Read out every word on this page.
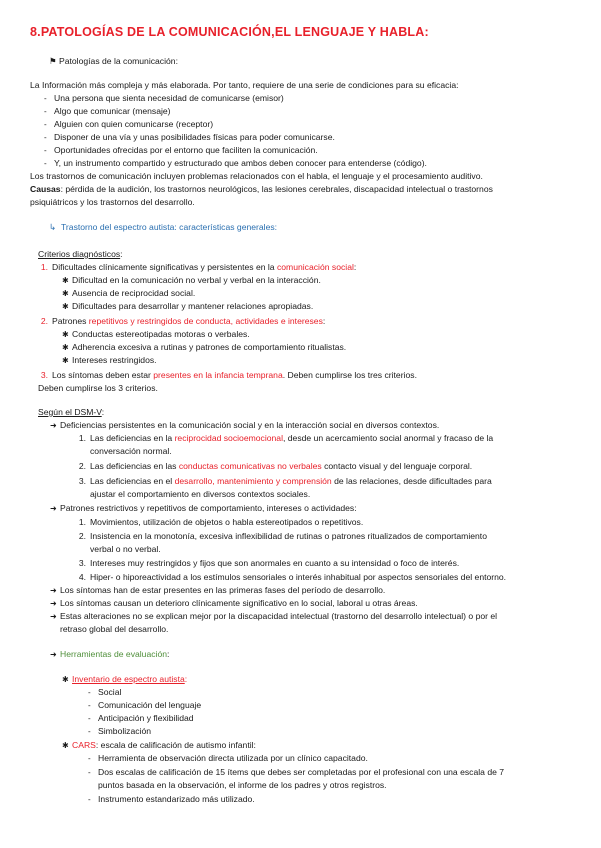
8.PATOLOGÍAS DE LA COMUNICACIÓN,EL LENGUAJE Y HABLA:
⚑ Patologías de la comunicación:
La Información más compleja y más elaborada. Por tanto, requiere de una serie de condiciones para su eficacia:
- Una persona que sienta necesidad de comunicarse (emisor)
- Algo que comunicar (mensaje)
- Alguien con quien comunicarse (receptor)
- Disponer de una vía y unas posibilidades físicas para poder comunicarse.
- Oportunidades ofrecidas por el entorno que faciliten la comunicación.
- Y, un instrumento compartido y estructurado que ambos deben conocer para entenderse (código).
Los trastornos de comunicación incluyen problemas relacionados con el habla, el lenguaje y el procesamiento auditivo.
Causas: pérdida de la audición, los trastornos neurológicos, las lesiones cerebrales, discapacidad intelectual o trastornos
psiquiátricos y los trastornos del desarrollo.
↳ Trastorno del espectro autista: características generales:
Criterios diagnósticos:
1. Dificultades clínicamente significativas y persistentes en la comunicación social:
✱ Dificultad en la comunicación no verbal y verbal en la interacción.
✱ Ausencia de reciprocidad social.
✱ Dificultades para desarrollar y mantener relaciones apropiadas.
2. Patrones repetitivos y restringidos de conducta, actividades e intereses:
✱ Conductas estereotipadas motoras o verbales.
✱ Adherencia excesiva a rutinas y patrones de comportamiento ritualistas.
✱ Intereses restringidos.
3. Los síntomas deben estar presentes en la infancia temprana. Deben cumplirse los tres criterios.
Deben cumplirse los 3 criterios.
Según el DSM-V:
➜ Deficiencias persistentes en la comunicación social y en la interacción social en diversos contextos.
1. Las deficiencias en la reciprocidad socioemocional, desde un acercamiento social anormal y fracaso de la
conversación normal.
2. Las deficiencias en las conductas comunicativas no verbales contacto visual y del lenguaje corporal.
3. Las deficiencias en el desarrollo, mantenimiento y comprensión de las relaciones, desde dificultades para
ajustar el comportamiento en diversos contextos sociales.
➜ Patrones restrictivos y repetitivos de comportamiento, intereses o actividades:
1. Movimientos, utilización de objetos o habla estereotipados o repetitivos.
2. Insistencia en la monotonía, excesiva inflexibilidad de rutinas o patrones ritualizados de comportamiento
verbal o no verbal.
3. Intereses muy restringidos y fijos que son anormales en cuanto a su intensidad o foco de interés.
4. Hiper- o hiporeactividad a los estímulos sensoriales o interés inhabitual por aspectos sensoriales del entorno.
➜ Los síntomas han de estar presentes en las primeras fases del período de desarrollo.
➜ Los síntomas causan un deterioro clínicamente significativo en lo social, laboral u otras áreas.
➜ Estas alteraciones no se explican mejor por la discapacidad intelectual (trastorno del desarrollo intelectual) o por el
retraso global del desarrollo.
➜ Herramientas de evaluación:
✱ Inventario de espectro autista:
- Social
- Comunicación del lenguaje
- Anticipación y flexibilidad
- Simbolización
✱ CARS: escala de calificación de autismo infantil:
- Herramienta de observación directa utilizada por un clínico capacitado.
- Dos escalas de calificación de 15 ítems que debes ser completadas por el profesional con una escala de 7
puntos basada en la observación, el informe de los padres y otros registros.
- Instrumento estandarizado más utilizado.
